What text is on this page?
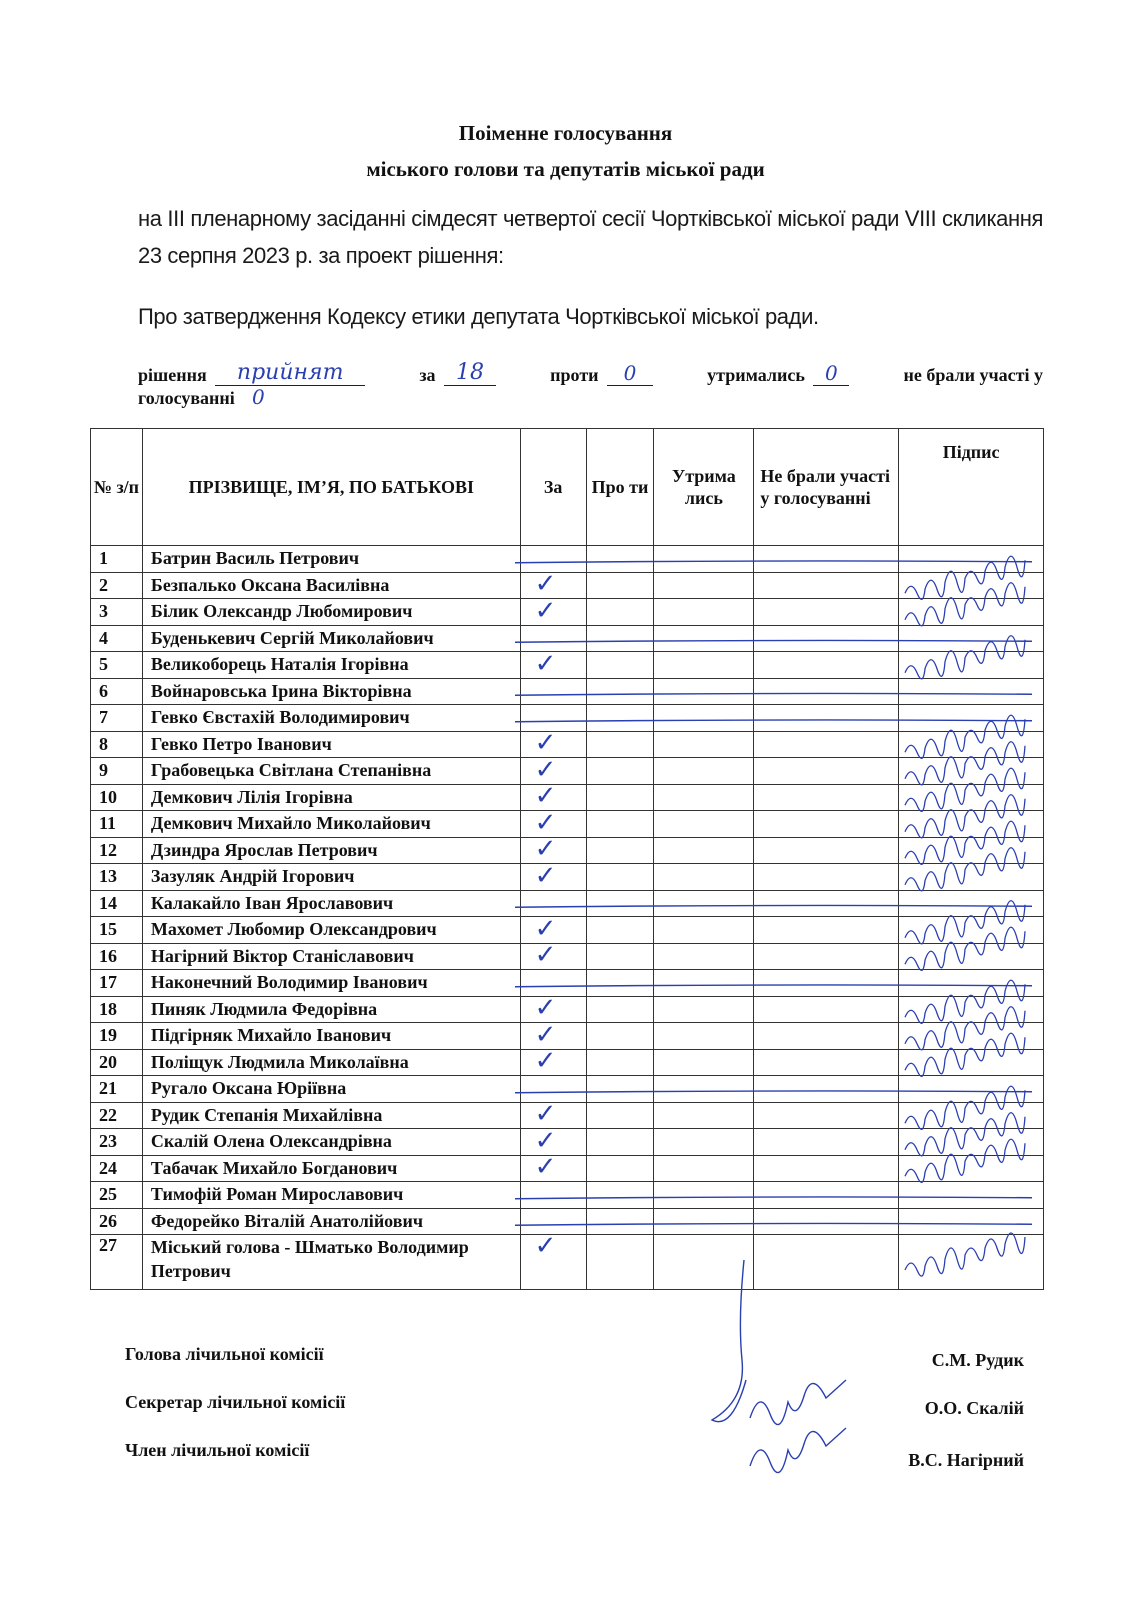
Поіменне голосування
міського голови та депутатів міської ради
на ІІІ пленарному засіданні сімдесят четвертої сесії Чортківської міської ради VIII скликання 23 серпня 2023 р. за проект рішення:
Про затвердження Кодексу етики депутата Чортківської міської ради.
рішення	прийнят	за 18	проти	0	утримались	0	не брали участі у
голосуванні 0
№ з/п	ПРІЗВИЩЕ, ІМ’Я, ПО БАТЬКОВІ	За	Про ти	Утрима лись	Не брали участі у голосуванні	Підпис
1	Батрин Василь Петрович					
2	Безпалько Оксана Василівна	✓				
3	Білик Олександр Любомирович	✓				
4	Буденькевич Сергій Миколайович					
5	Великоборець Наталія Ігорівна	✓				
6	Войнаровська Ірина Вікторівна					
7	Гевко Євстахій Володимирович					
8	Гевко Петро Іванович	✓				
9	Грабовецька Світлана Степанівна	✓				
10	Демкович Лілія Ігорівна	✓				
11	Демкович Михайло Миколайович	✓				
12	Дзиндра Ярослав Петрович	✓				
13	Зазуляк Андрій Ігорович	✓				
14	Калакайло Іван Ярославович					
15	Махомет Любомир Олександрович	✓				
16	Нагірний Віктор Станіславович	✓				
17	Наконечний Володимир Іванович					
18	Пиняк Людмила Федорівна	✓				
19	Підгірняк Михайло Іванович	✓				
20	Поліщук Людмила Миколаївна	✓				
21	Ругало Оксана Юріївна					
22	Рудик Степанія Михайлівна	✓				
23	Скалій Олена Олександрівна	✓				
24	Табачак Михайло Богданович	✓				
25	Тимофій Роман Мирославович					
26	Федорейко Віталій Анатолійович					
27	Міський голова - Шматько Володимир Петрович	✓				
Голова лічильної комісії	С.М. Рудик
Секретар лічильної комісії	О.О. Скалій
Член лічильної комісії	В.С. Нагірний
